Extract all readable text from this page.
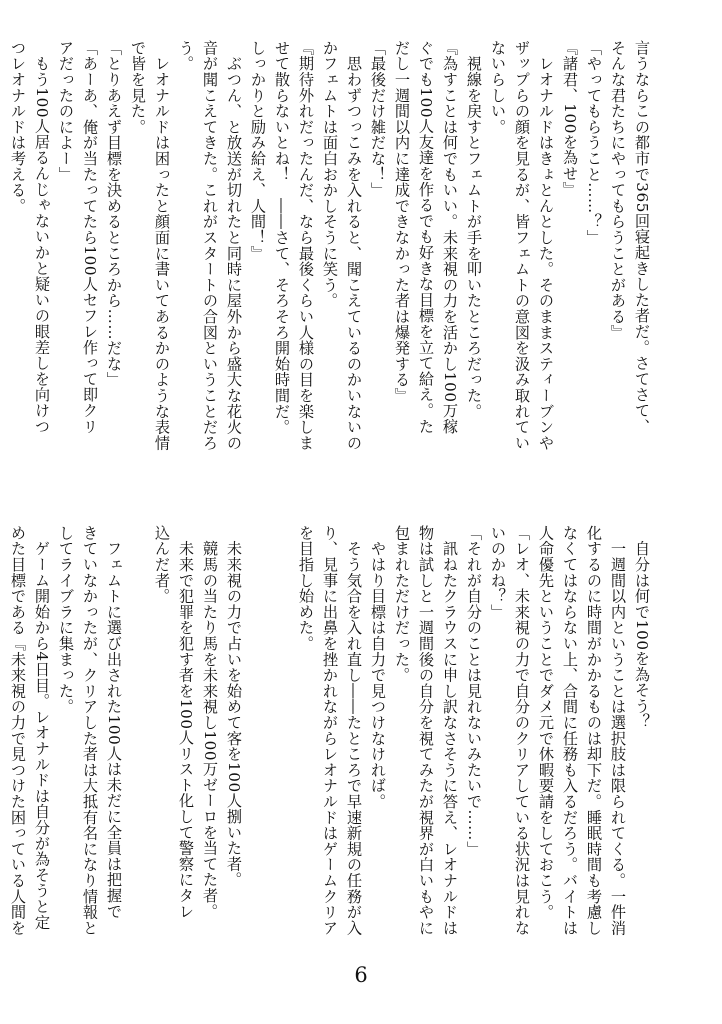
言うならこの都市で365回寝起きした者だ。さてさて、
そんな君たちにやってもらうことがある』
「やってもらうこと……？」
『諸君、100を為せ』
　レオナルドはきょとんとした。そのままスティーブンや
ザップらの顔を見るが、皆フェムトの意図を汲み取れてい
ないらしい。
　視線を戻すとフェムトが手を叩いたところだった。
『為すことは何でもいい。未来視の力を活かし100万稼
ぐでも100人友達を作るでも好きな目標を立て給え。た
だし一週間以内に達成できなかった者は爆発する』
「最後だけ雑だな！」
　思わずつっこみを入れると、聞こえているのかいないの
かフェムトは面白おかしそうに笑う。
『期待外れだったんだ、なら最後くらい人様の目を楽しま
せて散らないとね！　――さて、そろそろ開始時間だ。
しっかりと励み給え、人間！』
　ぶつん、と放送が切れたと同時に屋外から盛大な花火の
音が聞こえてきた。これがスタートの合図ということだろ
う。
　レオナルドは困ったと顔面に書いてあるかのような表情
で皆を見た。
「とりあえず目標を決めるところから……だな」
「あーあ、俺が当たってたら100人セフレ作って即クリ
アだったのによー」
　もう100人居るんじゃないかと疑いの眼差しを向けつ
つレオナルドは考える。
　自分は何で100を為そう？
　一週間以内ということは選択肢は限られてくる。一件消
化するのに時間がかかるものは却下だ。睡眠時間も考慮し
なくてはならない上、合間に任務も入るだろう。バイトは
人命優先ということでダメ元で休暇要請をしておこう。
「レオ、未来視の力で自分のクリアしている状況は見れな
いのかね？」
「それが自分のことは見れないみたいで……」
　訊ねたクラウスに申し訳なさそうに答え、レオナルドは
物は試しと一週間後の自分を視てみたが視界が白いもやに
包まれただけだった。
　やはり目標は自力で見つけなければ。
　そう気合を入れ直し――たところで早速新規の任務が入
り、見事に出鼻を挫かれながらレオナルドはゲームクリア
を目指し始めた。

　未来視の力で占いを始めて客を100人捌いた者。
　競馬の当たり馬を未来視し100万ゼーロを当てた者。
　未来で犯罪を犯す者を100人リスト化して警察にタレ
込んだ者。

　フェムトに選び出された100人は未だに全員は把握で
きていなかったが、クリアした者は大抵有名になり情報と
してライブラに集まった。
　ゲーム開始から4日目。レオナルドは自分が為そうと定
めた目標である『未来視の力で見つけた困っている人間を
6
